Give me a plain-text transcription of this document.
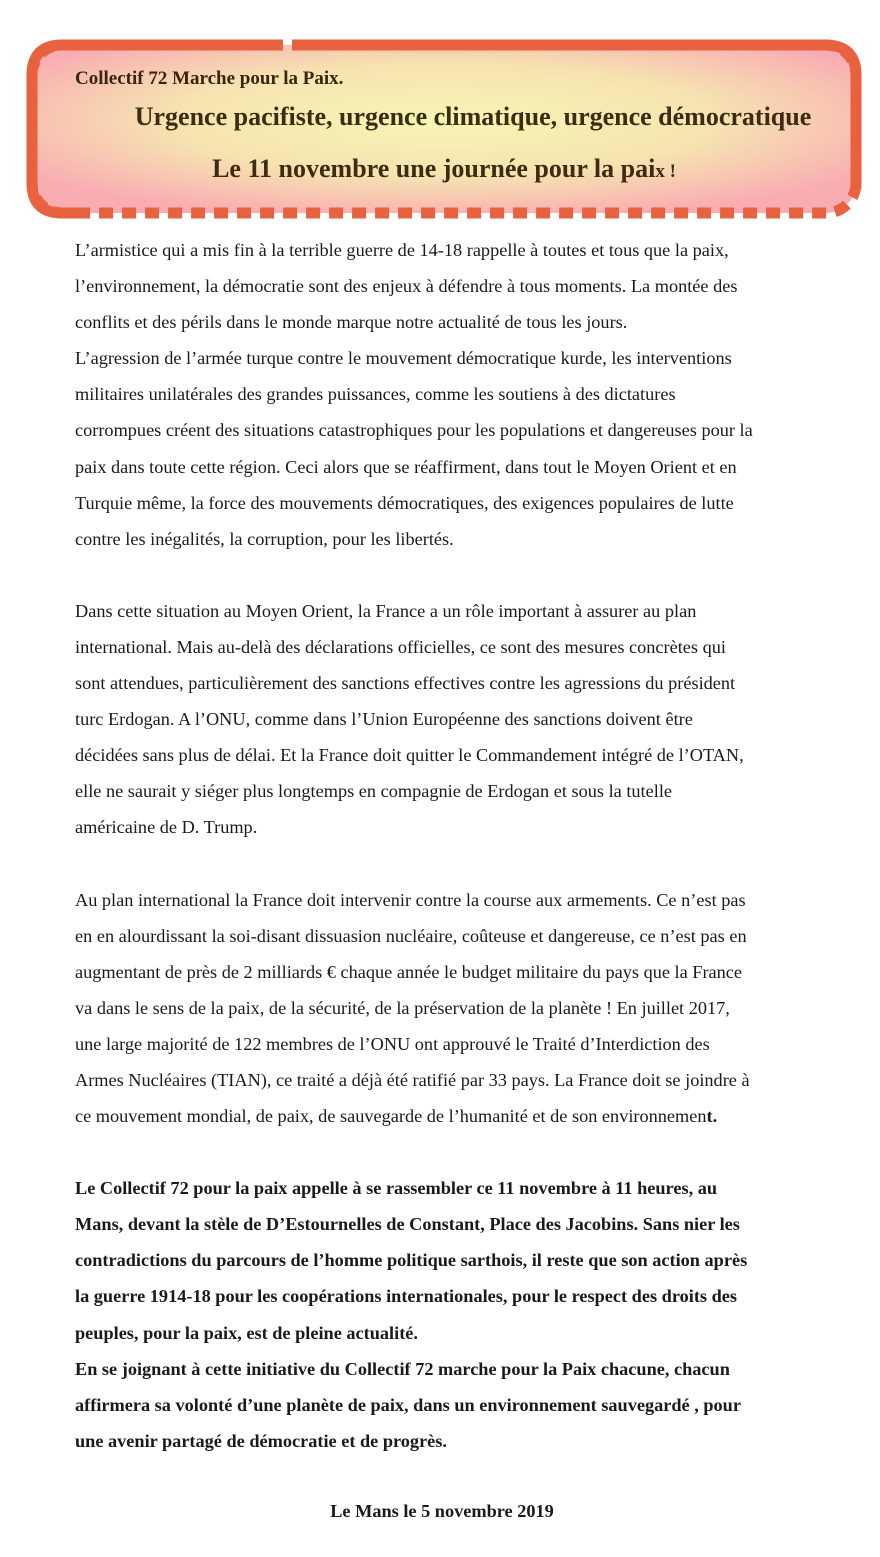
Collectif 72 Marche pour la Paix.
Urgence pacifiste, urgence climatique, urgence démocratique
Le 11 novembre une journée pour la paix !

L’armistice qui a mis fin à la terrible guerre de 14-18 rappelle à toutes et tous que la paix,
l’environnement, la démocratie sont des enjeux à défendre à tous moments. La montée des
conflits et des périls dans le monde marque notre actualité de tous les jours.
L’agression de l’armée turque contre le mouvement démocratique kurde, les interventions
militaires unilatérales des grandes puissances, comme les soutiens à des dictatures
corrompues créent des situations catastrophiques pour les populations et dangereuses pour la
paix dans toute cette région. Ceci alors que se réaffirment, dans tout le Moyen Orient et en
Turquie même, la force des mouvements démocratiques, des exigences populaires de lutte
contre les inégalités, la corruption, pour les libertés.

Dans cette situation au Moyen Orient, la France a un rôle important à assurer au plan
international. Mais au-delà des déclarations officielles, ce sont des mesures concrètes qui
sont attendues, particulièrement des sanctions effectives contre les agressions du président
turc Erdogan. A l’ONU, comme dans l’Union Européenne des sanctions doivent être
décidées sans plus de délai. Et la France doit quitter le Commandement intégré de l’OTAN,
elle ne saurait y siéger plus longtemps en compagnie de Erdogan et sous la tutelle
américaine de D. Trump.

Au plan international la France doit intervenir contre la course aux armements. Ce n’est pas
en en alourdissant la soi-disant dissuasion nucléaire, coûteuse et dangereuse, ce n’est pas en
augmentant de près de 2 milliards € chaque année le budget militaire du pays que la France
va dans le sens de la paix, de la sécurité, de la préservation de la planète ! En juillet 2017,
une large majorité de 122 membres de l’ONU ont approuvé le Traité d’Interdiction des
Armes Nucléaires (TIAN), ce traité a déjà été ratifié par 33 pays. La France doit se joindre à
ce mouvement mondial, de paix, de sauvegarde de l’humanité et de son environnement.

Le Collectif 72 pour la paix appelle à se rassembler ce 11 novembre à 11 heures, au
Mans, devant la stèle de D’Estournelles de Constant, Place des Jacobins. Sans nier les
contradictions du parcours de l’homme politique sarthois, il reste que son action après
la guerre 1914-18 pour les coopérations internationales, pour le respect des droits des
peuples, pour la paix, est de pleine actualité.
En se joignant à cette initiative du Collectif 72 marche pour la Paix chacune, chacun
affirmera sa volonté d’une planète de paix, dans un environnement sauvegardé , pour
une avenir partagé de démocratie et de progrès.

Le Mans le 5 novembre 2019
